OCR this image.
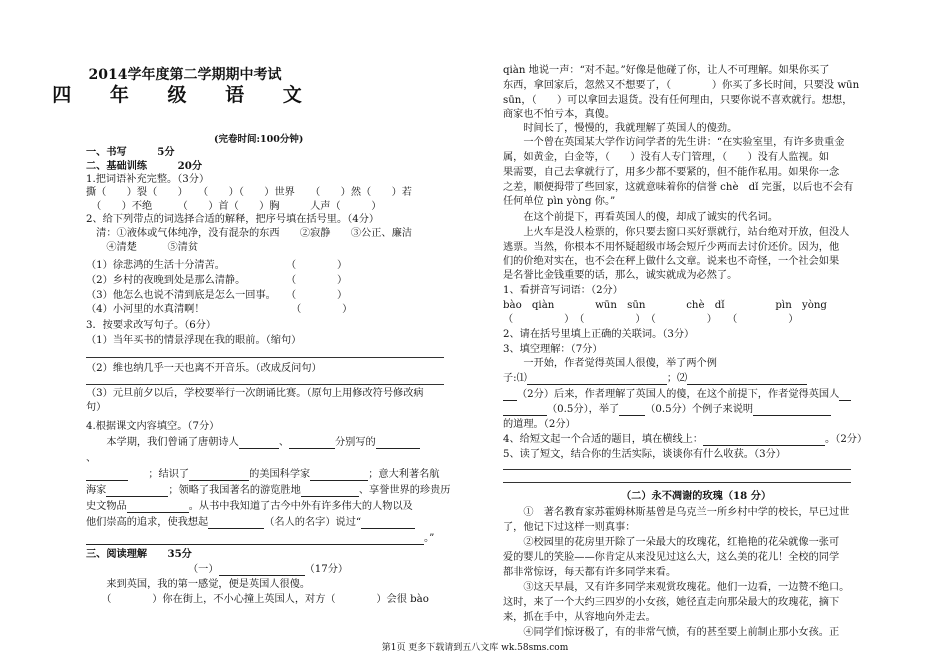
2014学年度第二学期期中考试
四 年 级 语 文
(完卷时间:100分钟)
一、书写　　　5分
二、基础训练　　　20分
1.把词语补充完整。（3分）
撕（　　）裂（　　）　　（　　）（　　）世界　　（　　）然（　　）若
　（　　）不绝　　　（　　）首（　　）胸　　　人声（　　　）
2、给下列带点的词选择合适的解释，把序号填在括号里。（4分）
　清：①液体或气体纯净，没有混杂的东西　　②寂静　　③公正、廉洁
　　④清楚　　　⑤清贫
（1）徐悲鸿的生活十分清苦。　　　　　　　（　　　　）
（2）乡村的夜晚到处是那么清静。　　　　　（　　　　）
（3）他怎么也说不清到底是怎么一回事。　　（　　　　）
（4）小河里的水真清啊！　　　　　　　　　（　　　　）
3．按要求改写句子。（6分）
（1）当年买书的情景浮现在我的眼前。（缩句）
（2）维也纳几乎一天也离不开音乐。（改成反问句）
（3）元旦前夕以后，学校要举行一次朗诵比赛。（原句上用修改符号修改病
句）
4.根据课文内容填空。（7分）
　　本学期，我们曾诵了唐朝诗人	、	分别写的
、
　　；结识了	的美国科学家	；意大利著名航
海家	；领略了我国著名的游览胜地	、享誉世界的珍贵历
史文物品	。从书中我知道了古今中外有许多伟大的人物以及
他们崇高的追求，使我想起	（名人的名字）说过“
。”
三、阅读理解　　35分
（一）	（17分）
　　来到英国，我的第一感觉，便是英国人很傻。
　　（　　　　）你在街上，不小心撞上英国人，对方（　　　　）会很 bào
qiàn 地说一声：“对不起。”好像是他碰了你，让人不可理解。如果你买了
东西，拿回家后，忽然又不想要了，（　　　　）你买了多长时间，只要没 wūn
sūn，（　　）可以拿回去退货。没有任何理由，只要你说不喜欢就行。想想，
商家也不怕亏本，真傻。
　　时间长了，慢慢的，我就理解了英国人的傻劲。
　　一个曾在英国某大学作访问学者的先生讲：“在实验室里，有许多贵重金
属，如黄金，白金等，（　　）没有人专门管理，（　　）没有人监视。如
果需要，自己去拿就行了，用多少都不要紧的，但不能作私用。如果你一念
之差，顺便拇带了些回家，这就意味着你的信誉 chè　dǐ 完蛋，以后也不会有
任何单位 pìn yòng 你。”
　　在这个前提下，再看英国人的傻，却成了诚实的代名词。
　　上火车是没人检票的，你只要去窗口买好票就行，站台绝对开放，但没人
逃票。当然，你根本不用怀疑超级市场会短斤少两而去讨价还价。因为，他
们的价绝对实在，也不会在秤上做什么文章。说来也不奇怪，一个社会如果
是名誉比金钱重要的话，那么，诚实就成为必然了。
1、看拼音写词语：（2分）
bào　qiàn　　　　wūn　sūn　　　　chè　dǐ　　　　　pìn　yòng
（　　　　　）　（　　　　　）　（　　　　　）　　（　　　　　）
2、请在括号里填上正确的关联词。（3分）
3、填空理解：（7分）
　　一开始，作者觉得英国人很傻，举了两个例
子:⑴	；⑵
（2分）后来，作者理解了英国人的傻，在这个前提下，作者觉得英国人
（0.5分），举了	（0.5分）个例子来说明
的道理。（2分）
4、给短文起一个合适的题目，填在横线上：	。（2分）
5、读了短文，结合你的生活实际，谈谈你有什么收获。（3分）
（二）永不凋谢的玫瑰（18 分）
　　①　著名教育家苏霍姆林斯基曾是乌克兰一所乡村中学的校长，早已过世
了，他记下过这样一则真事：
　　②校园里的花房里开除了一朵最大的玫瑰花，红艳艳的花朵就像一张可
爱的婴儿的笑脸——你肯定从来没见过这么大，这么美的花儿！全校的同学
都非常惊讶，每天都有许多同学来看。
　　③这天早晨，又有许多同学来观赏玫瑰花。他们一边看，一边赞不绝口。
这时，来了一个大约三四岁的小女孩，她径直走向那朵最大的玫瑰花，摘下
来，抓在手中，从容地向外走去。
　　④同学们惊讶极了，有的非常气愤，有的甚至要上前制止那小女孩。正
第1页 更多下载请到五八文库 wk.58sms.com
